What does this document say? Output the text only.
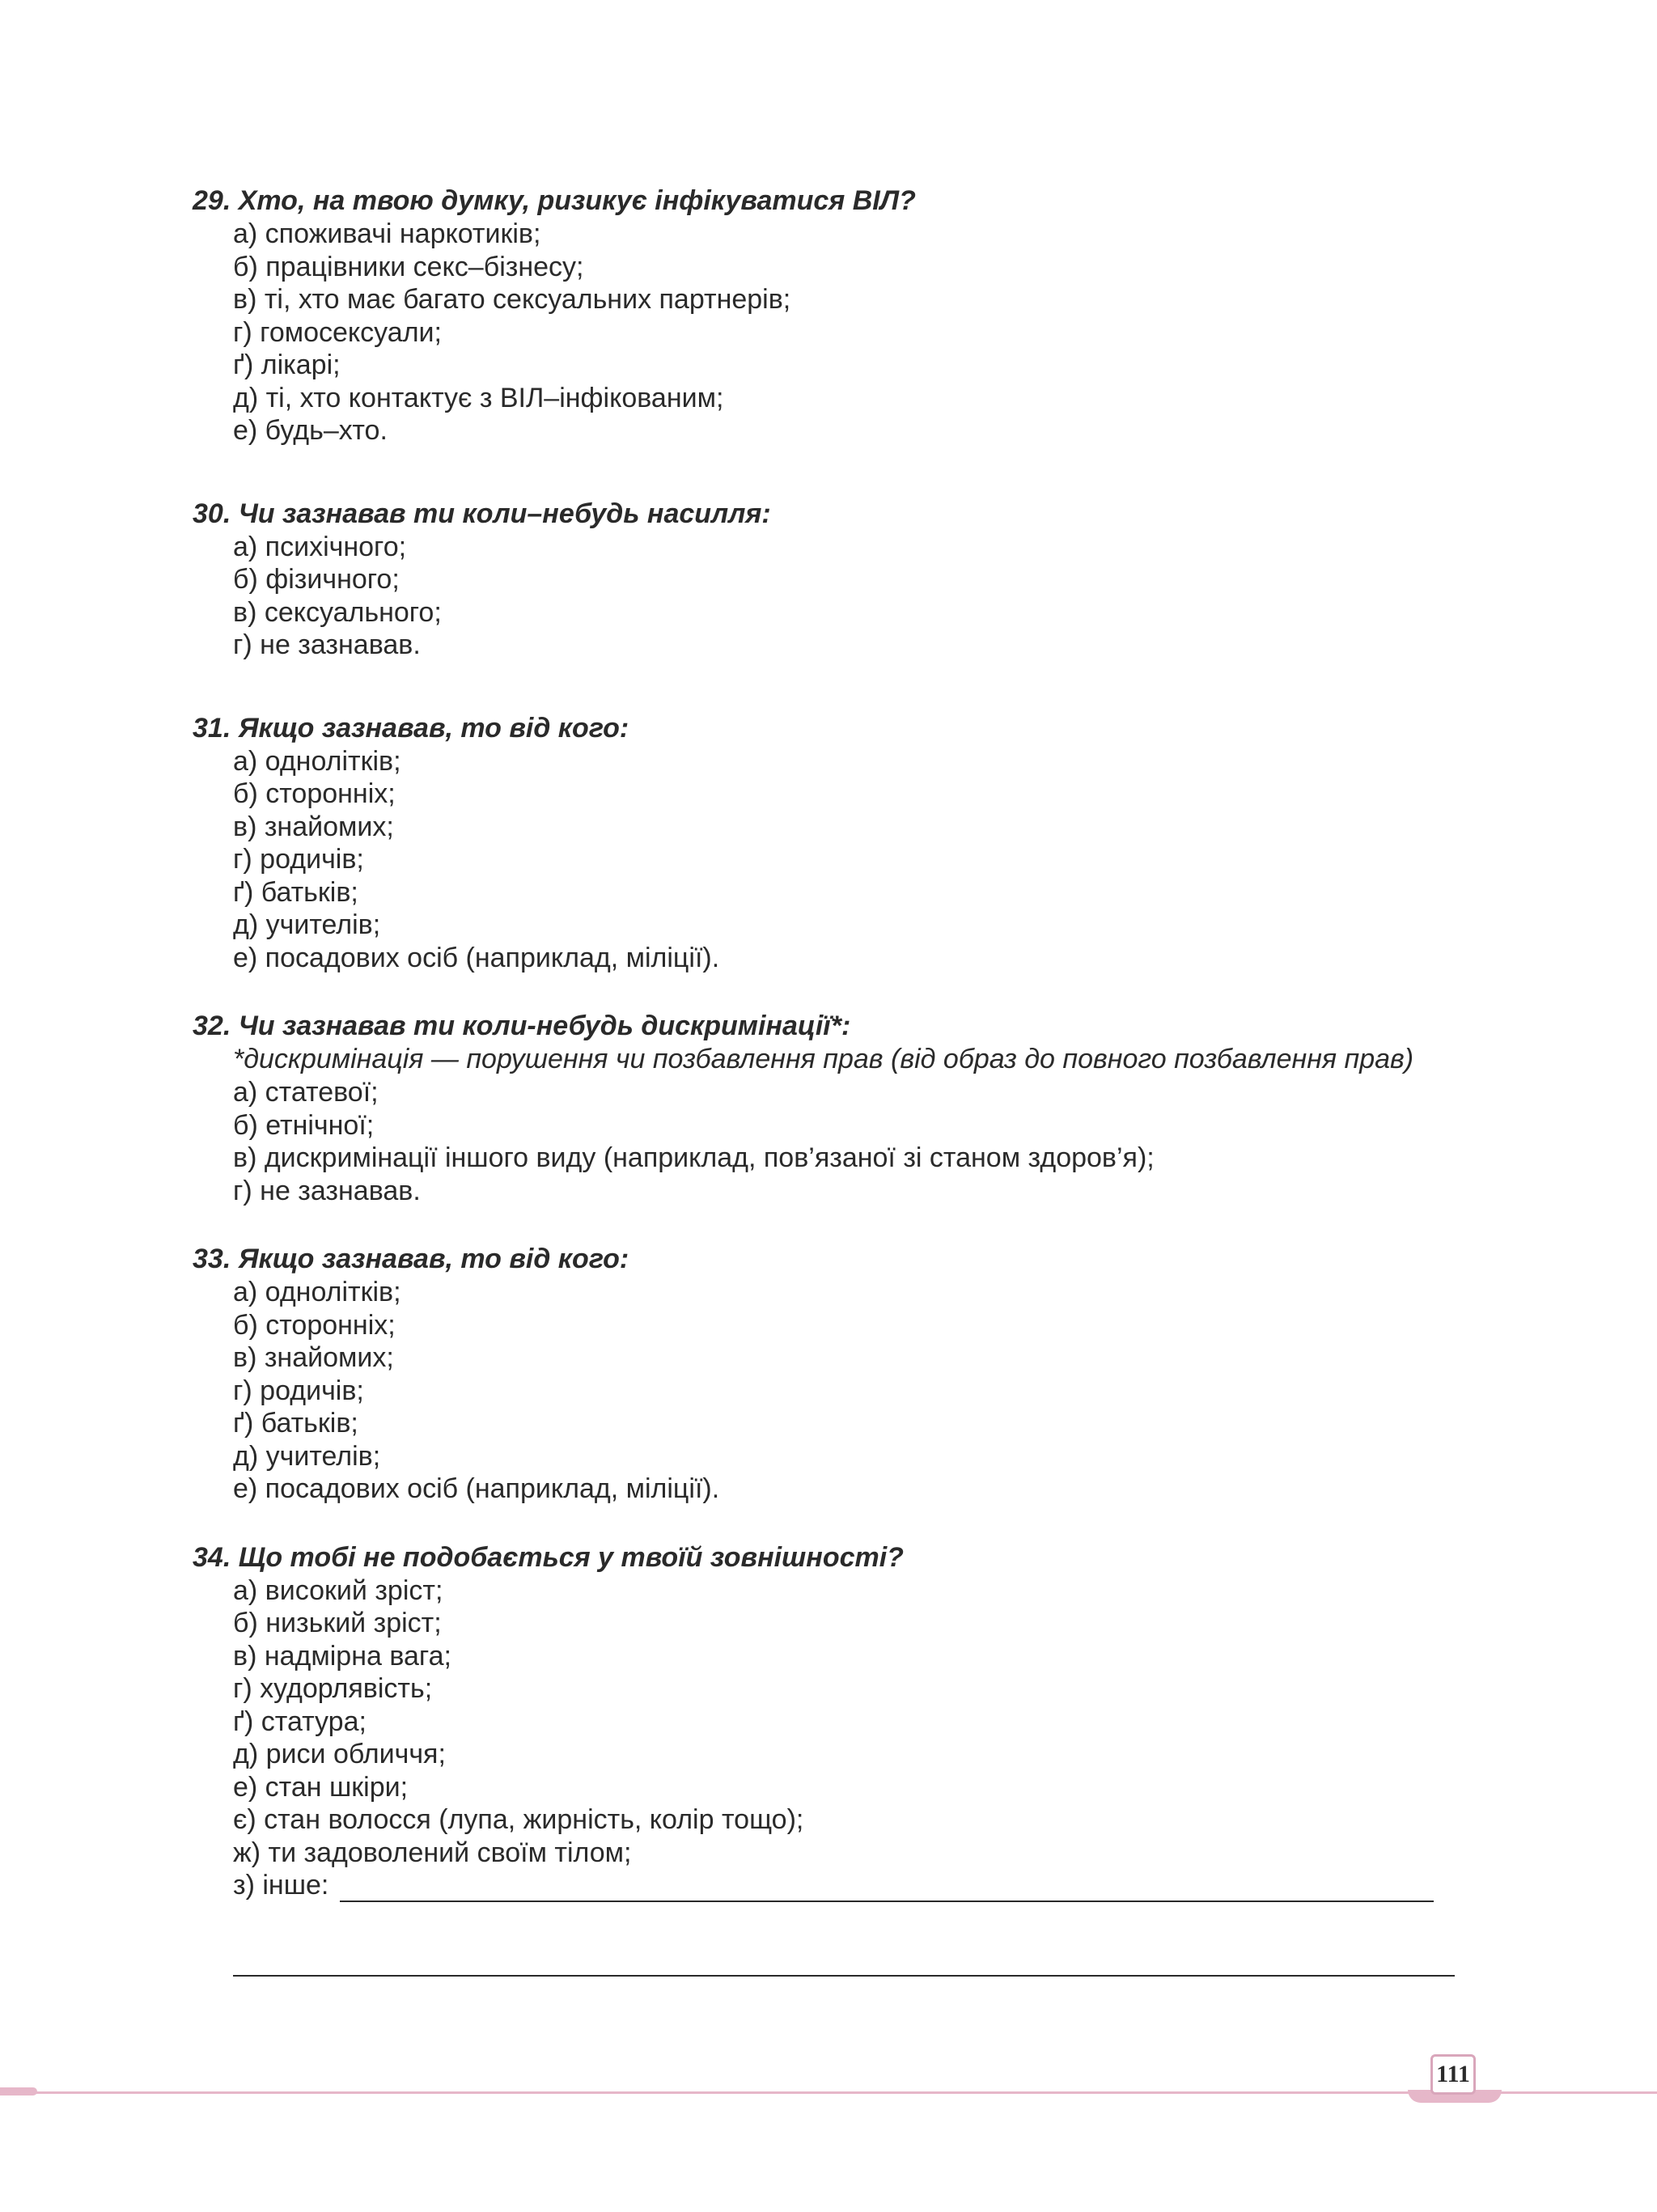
29. Хто, на твою думку, ризикує інфікуватися ВІЛ?

а) споживачі наркотиків;
б) працівники секс–бізнесу;
в) ті, хто має багато сексуальних партнерів;
г) гомосексуали;
ґ) лікарі;
д) ті, хто контактує з ВІЛ–інфікованим;
е) будь–хто.

30. Чи зазнавав ти коли–небудь насилля:

а) психічного;
б) фізичного;
в) сексуального;
г) не зазнавав.

31. Якщо зазнавав, то від кого:

а) однолітків;
б) сторонніх;
в) знайомих;
г) родичів;
ґ) батьків;
д) учителів;
е) посадових осіб (наприклад, міліції).

32. Чи зазнавав ти коли-небудь дискримінації*:

*дискримінація — порушення чи позбавлення прав (від образ до повного позбавлення прав)

а) статевої;
б) етнічної;
в) дискримінації іншого виду (наприклад, пов’язаної зі станом здоров’я);
г) не зазнавав.

33. Якщо зазнавав, то від кого:

а) однолітків;
б) сторонніх;
в) знайомих;
г) родичів;
ґ) батьків;
д) учителів;
е) посадових осіб (наприклад, міліції).

34. Що тобі не подобається у твоїй зовнішності?

а) високий зріст;
б) низький зріст;
в) надмірна вага;
г) худорлявість;
ґ) статура;
д) риси обличчя;
е) стан шкіри;
є) стан волосся (лупа, жирність, колір тощо);
ж) ти задоволений своїм тілом;
з) інше:
111
